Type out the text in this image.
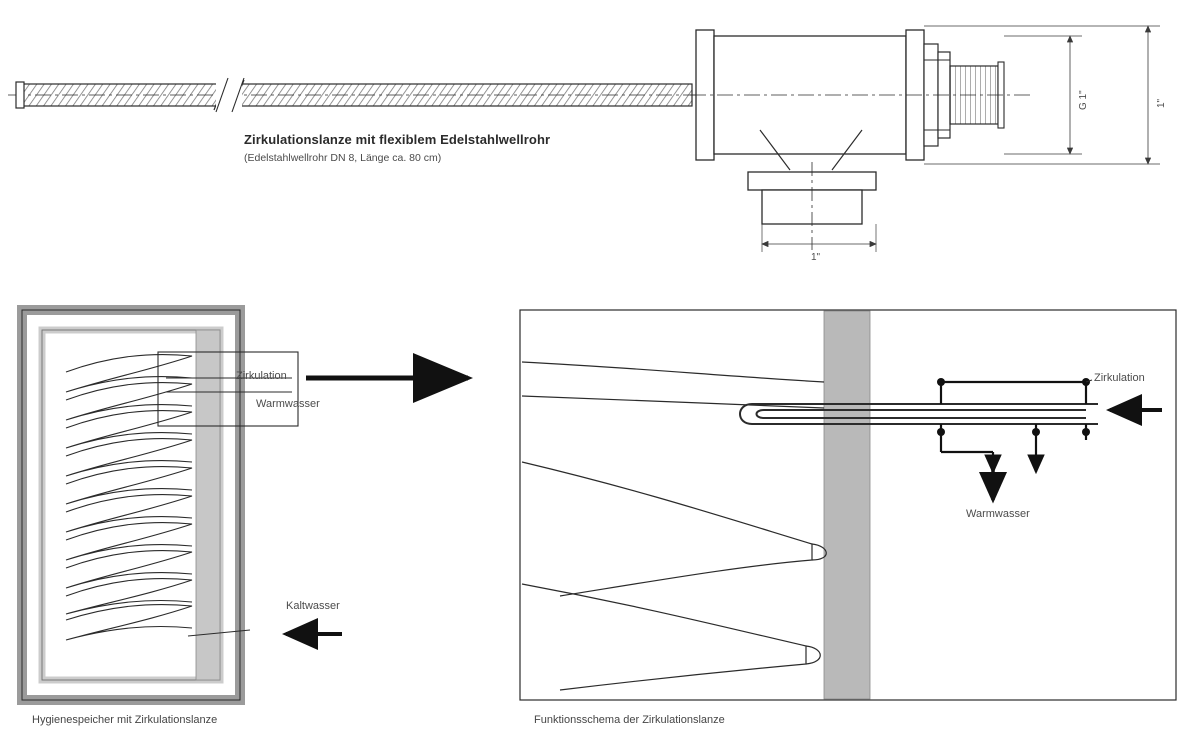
Zirkulationslanze mit flexiblem Edelstahlwellrohr
(Edelstahlwellrohr DN 8, Länge ca. 80 cm)
G 1"	1"
1"
Zirkulation
Warmwasser
Kaltwasser
Zirkulation
Warmwasser
Hygienespeicher mit Zirkulationslanze	Funktionsschema der Zirkulationslanze
